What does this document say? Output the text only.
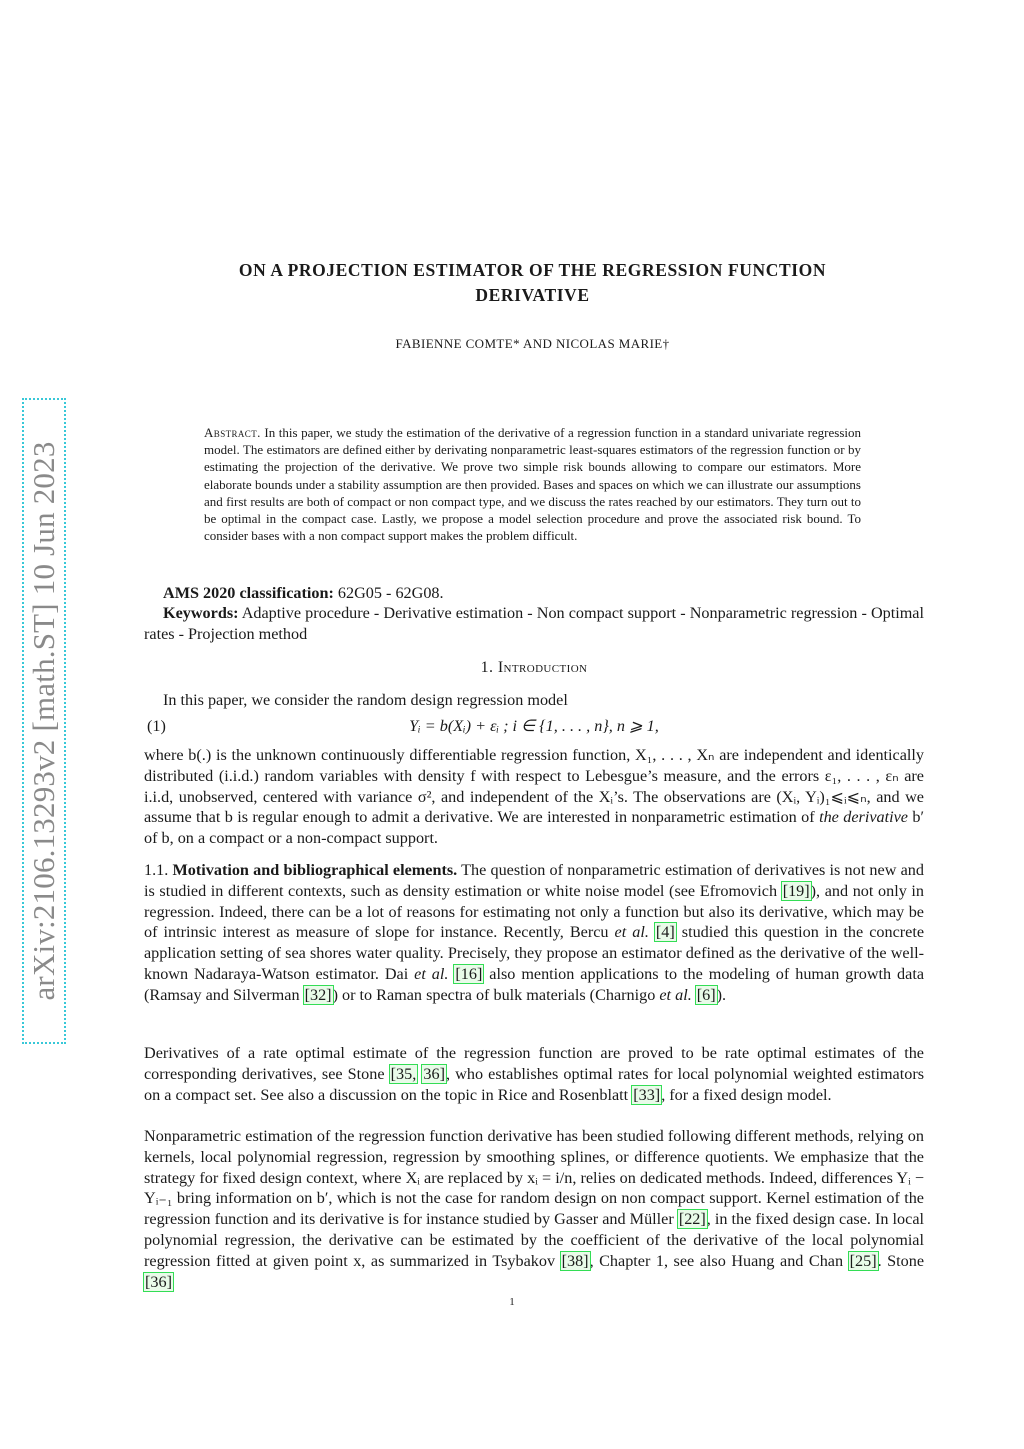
arXiv:2106.13293v2 [math.ST] 10 Jun 2023
ON A PROJECTION ESTIMATOR OF THE REGRESSION FUNCTION
DERIVATIVE
FABIENNE COMTE* AND NICOLAS MARIE†
Abstract. In this paper, we study the estimation of the derivative of a regression function in a standard univariate regression model. The estimators are defined either by derivating nonparametric least-squares estimators of the regression function or by estimating the projection of the derivative. We prove two simple risk bounds allowing to compare our estimators. More elaborate bounds under a stability assumption are then provided. Bases and spaces on which we can illustrate our assumptions and first results are both of compact or non compact type, and we discuss the rates reached by our estimators. They turn out to be optimal in the compact case. Lastly, we propose a model selection procedure and prove the associated risk bound. To consider bases with a non compact support makes the problem difficult.
AMS 2020 classification: 62G05 - 62G08.
Keywords: Adaptive procedure - Derivative estimation - Non compact support - Nonparametric regression - Optimal rates - Projection method
1. Introduction
In this paper, we consider the random design regression model
(1)	Yᵢ = b(Xᵢ) + εᵢ ; i ∈ {1, . . . , n}, n ⩾ 1,
where b(.) is the unknown continuously differentiable regression function, X₁, . . . , Xₙ are independent and identically distributed (i.i.d.) random variables with density f with respect to Lebesgue’s measure, and the errors ε₁, . . . , εₙ are i.i.d, unobserved, centered with variance σ², and independent of the Xᵢ’s. The observations are (Xᵢ, Yᵢ)₁⩽ᵢ⩽ₙ, and we assume that b is regular enough to admit a derivative. We are interested in nonparametric estimation of the derivative b′ of b, on a compact or a non-compact support.
1.1. Motivation and bibliographical elements. The question of nonparametric estimation of derivatives is not new and is studied in different contexts, such as density estimation or white noise model (see Efromovich [19]), and not only in regression. Indeed, there can be a lot of reasons for estimating not only a function but also its derivative, which may be of intrinsic interest as measure of slope for instance. Recently, Bercu et al. [4] studied this question in the concrete application setting of sea shores water quality. Precisely, they propose an estimator defined as the derivative of the well-known Nadaraya-Watson estimator. Dai et al. [16] also mention applications to the modeling of human growth data (Ramsay and Silverman [32]) or to Raman spectra of bulk materials (Charnigo et al. [6]).
Derivatives of a rate optimal estimate of the regression function are proved to be rate optimal estimates of the corresponding derivatives, see Stone [35, 36], who establishes optimal rates for local polynomial weighted estimators on a compact set. See also a discussion on the topic in Rice and Rosenblatt [33], for a fixed design model.
Nonparametric estimation of the regression function derivative has been studied following different methods, relying on kernels, local polynomial regression, regression by smoothing splines, or difference quotients. We emphasize that the strategy for fixed design context, where Xᵢ are replaced by xᵢ = i/n, relies on dedicated methods. Indeed, differences Yᵢ − Yᵢ₋₁ bring information on b′, which is not the case for random design on non compact support. Kernel estimation of the regression function and its derivative is for instance studied by Gasser and Müller [22], in the fixed design case. In local polynomial regression, the derivative can be estimated by the coefficient of the derivative of the local polynomial regression fitted at given point x, as summarized in Tsybakov [38], Chapter 1, see also Huang and Chan [25]. Stone [36]
1
